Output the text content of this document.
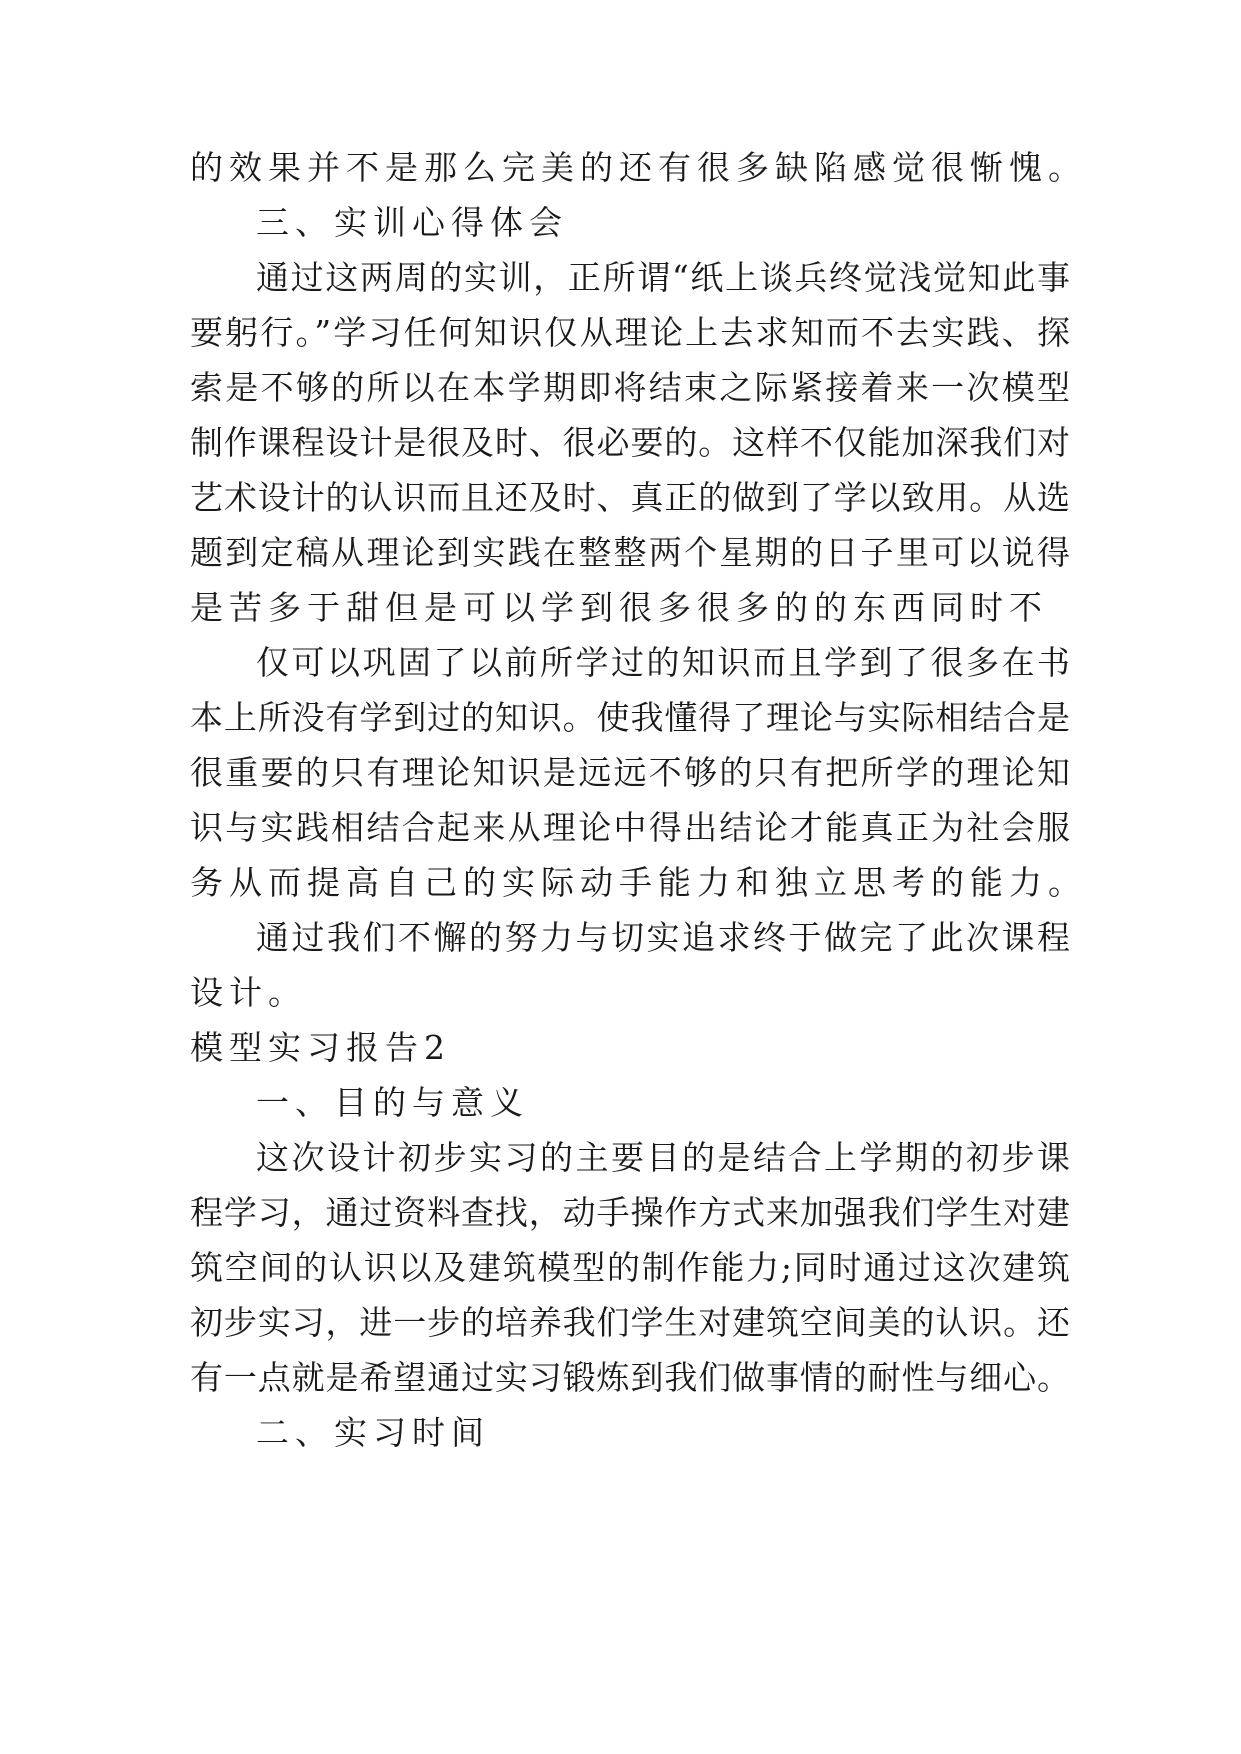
的效果并不是那么完美的还有很多缺陷感觉很惭愧。
三、实训心得体会
通过这两周的实训，正所谓“纸上谈兵终觉浅觉知此事
要躬行。”学习任何知识仅从理论上去求知而不去实践、探
索是不够的所以在本学期即将结束之际紧接着来一次模型
制作课程设计是很及时、很必要的。这样不仅能加深我们对
艺术设计的认识而且还及时、真正的做到了学以致用。从选
题到定稿从理论到实践在整整两个星期的日子里可以说得
是苦多于甜但是可以学到很多很多的的东西同时不
仅可以巩固了以前所学过的知识而且学到了很多在书
本上所没有学到过的知识。使我懂得了理论与实际相结合是
很重要的只有理论知识是远远不够的只有把所学的理论知
识与实践相结合起来从理论中得出结论才能真正为社会服
务从而提高自己的实际动手能力和独立思考的能力。
通过我们不懈的努力与切实追求终于做完了此次课程
设计。
模型实习报告2
一、目的与意义
这次设计初步实习的主要目的是结合上学期的初步课
程学习，通过资料查找，动手操作方式来加强我们学生对建
筑空间的认识以及建筑模型的制作能力;同时通过这次建筑
初步实习，进一步的培养我们学生对建筑空间美的认识。还
有一点就是希望通过实习锻炼到我们做事情的耐性与细心。
二、实习时间
